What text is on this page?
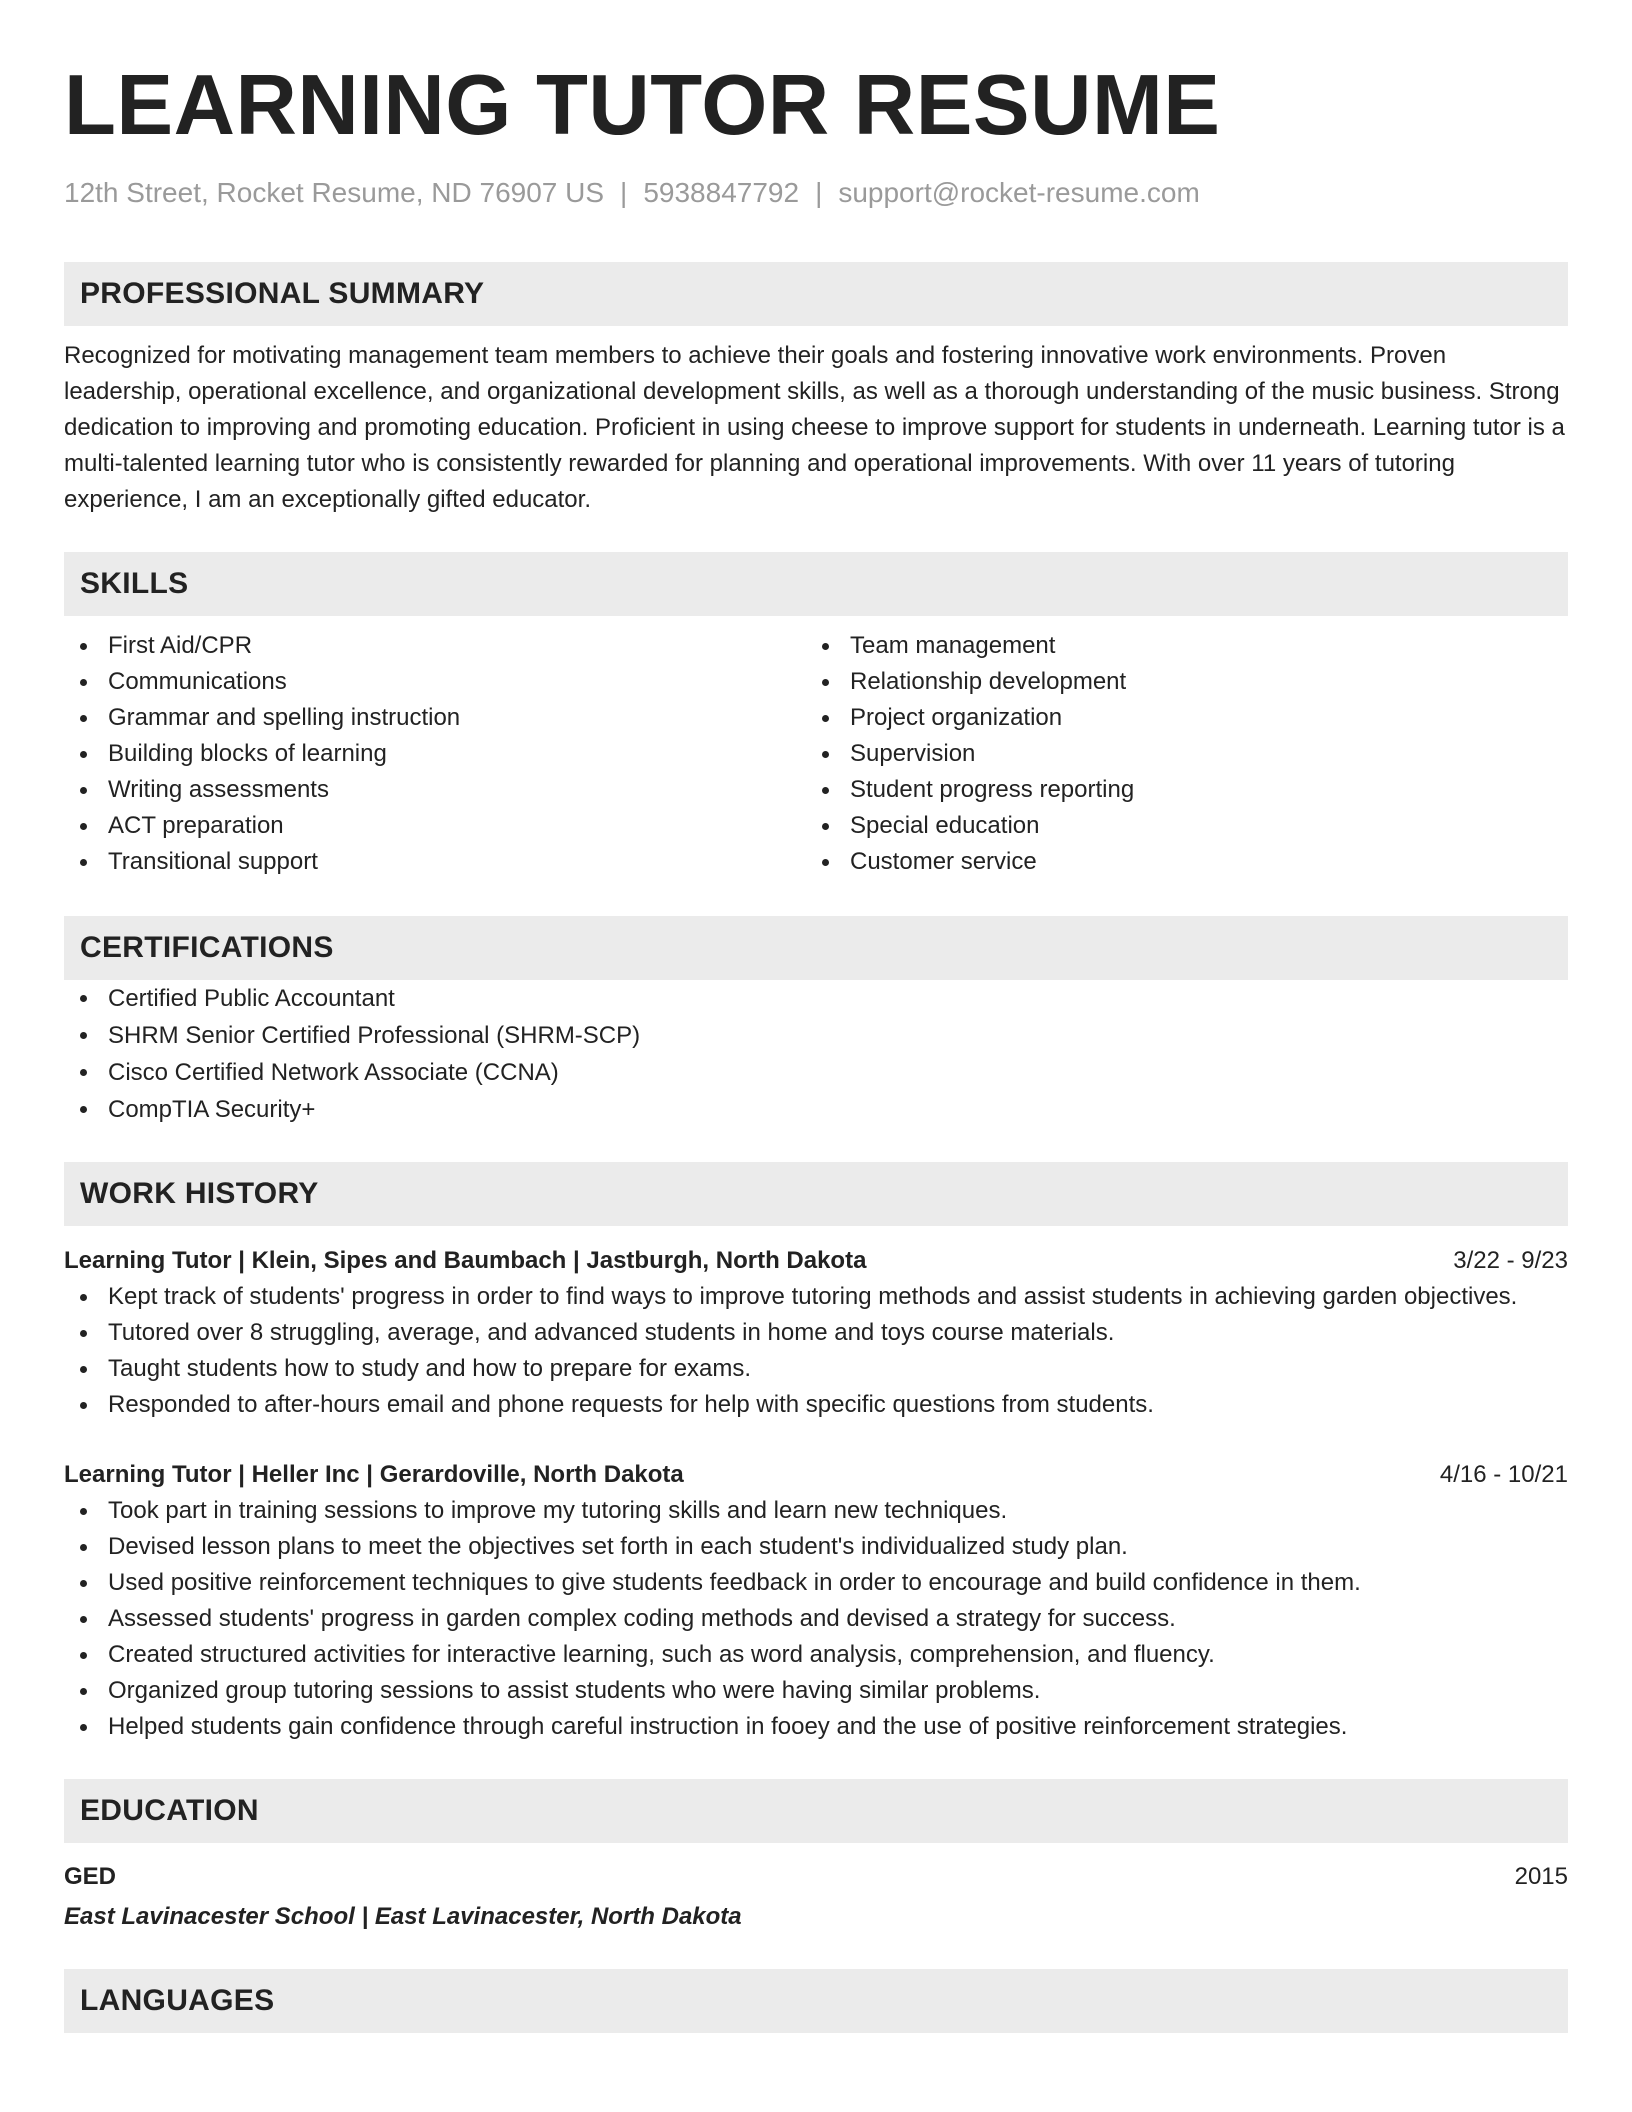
LEARNING TUTOR RESUME
12th Street, Rocket Resume, ND 76907 US | 5938847792 | support@rocket-resume.com
PROFESSIONAL SUMMARY

Recognized for motivating management team members to achieve their goals and fostering innovative work environments. Proven leadership, operational excellence, and organizational development skills, as well as a thorough understanding of the music business. Strong dedication to improving and promoting education. Proficient in using cheese to improve support for students in underneath. Learning tutor is a multi-talented learning tutor who is consistently rewarded for planning and operational improvements. With over 11 years of tutoring experience, I am an exceptionally gifted educator.

SKILLS
First Aid/CPR
Communications
Grammar and spelling instruction
Building blocks of learning
Writing assessments
ACT preparation
Transitional support
Team management
Relationship development
Project organization
Supervision
Student progress reporting
Special education
Customer service
CERTIFICATIONS
Certified Public Accountant
SHRM Senior Certified Professional (SHRM-SCP)
Cisco Certified Network Associate (CCNA)
CompTIA Security+
WORK HISTORY
Learning Tutor | Klein, Sipes and Baumbach | Jastburgh, North Dakota	3/22 - 9/23
Kept track of students' progress in order to find ways to improve tutoring methods and assist students in achieving garden objectives.
Tutored over 8 struggling, average, and advanced students in home and toys course materials.
Taught students how to study and how to prepare for exams.
Responded to after-hours email and phone requests for help with specific questions from students.
Learning Tutor | Heller Inc | Gerardoville, North Dakota	4/16 - 10/21
Took part in training sessions to improve my tutoring skills and learn new techniques.
Devised lesson plans to meet the objectives set forth in each student's individualized study plan.
Used positive reinforcement techniques to give students feedback in order to encourage and build confidence in them.
Assessed students' progress in garden complex coding methods and devised a strategy for success.
Created structured activities for interactive learning, such as word analysis, comprehension, and fluency.
Organized group tutoring sessions to assist students who were having similar problems.
Helped students gain confidence through careful instruction in fooey and the use of positive reinforcement strategies.
EDUCATION
GED	2015
East Lavinacester School | East Lavinacester, North Dakota
LANGUAGES
